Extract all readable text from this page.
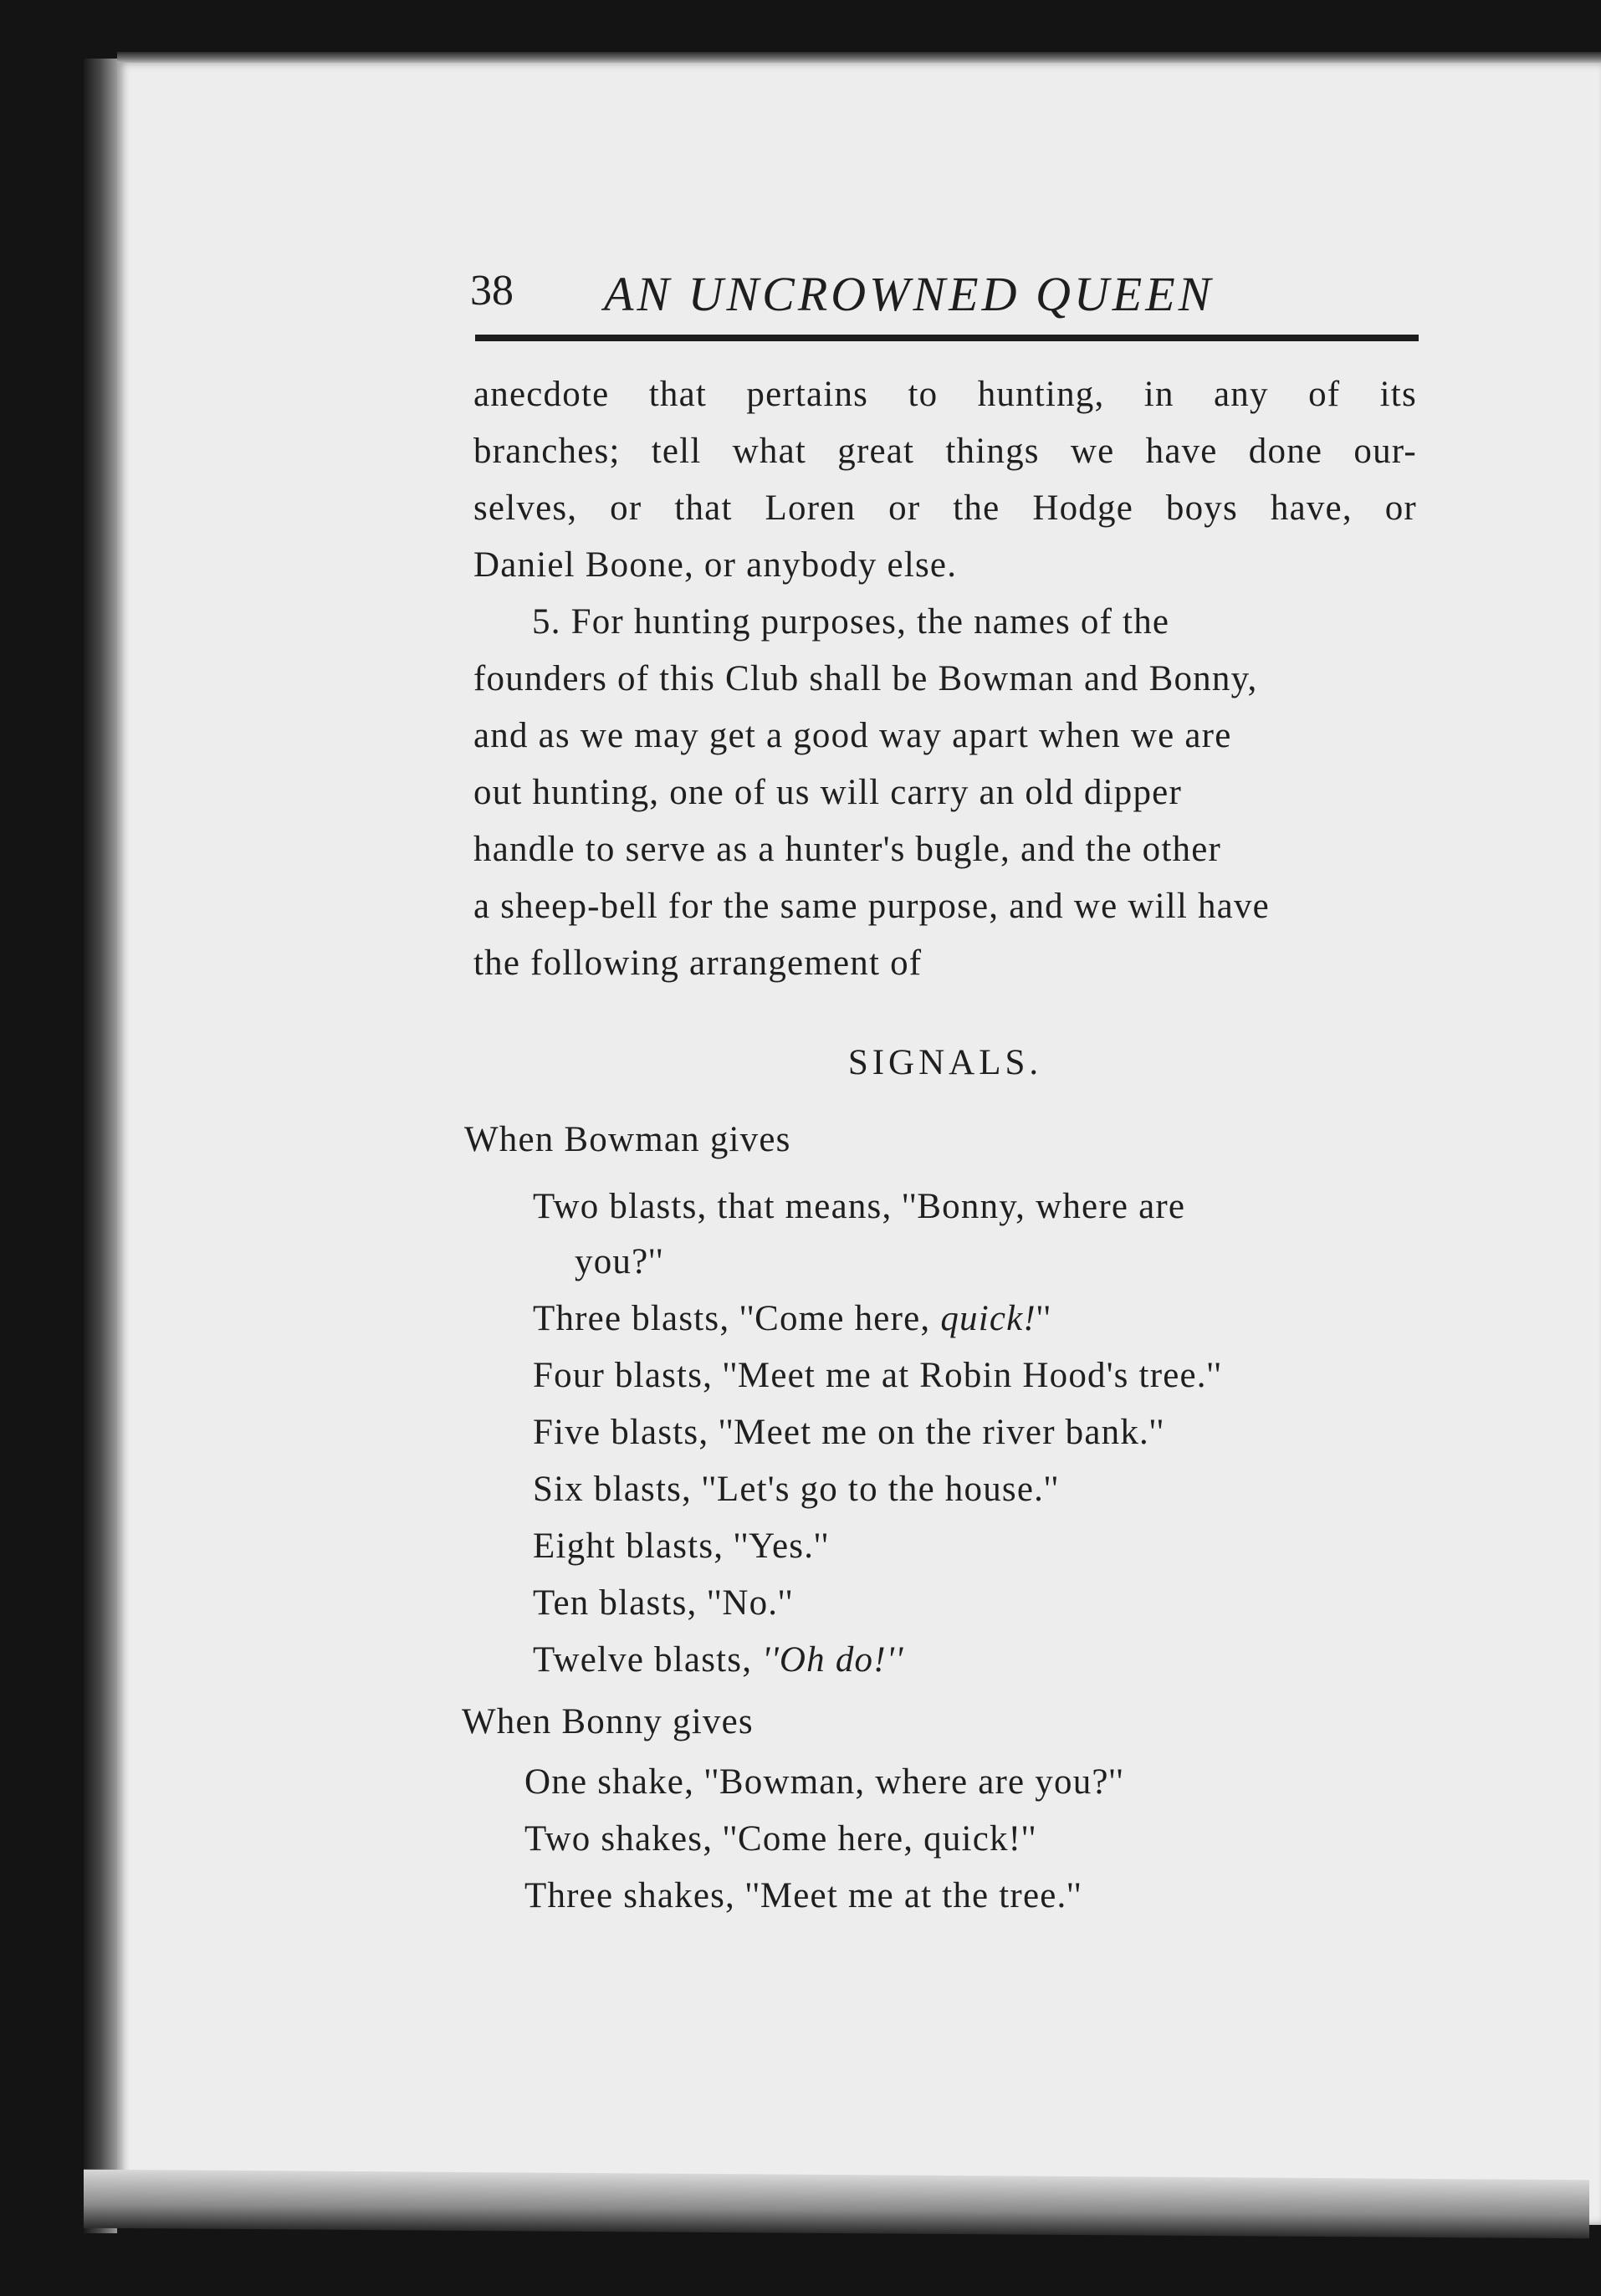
38 AN UNCROWNED QUEEN
anecdote that pertains to hunting, in any of its
branches; tell what great things we have done our-
selves, or that Loren or the Hodge boys have, or
Daniel Boone, or anybody else.
5. For hunting purposes, the names of the
founders of this Club shall be Bowman and Bonny,
and as we may get a good way apart when we are
out hunting, one of us will carry an old dipper
handle to serve as a hunter's bugle, and the other
a sheep-bell for the same purpose, and we will have
the following arrangement of
SIGNALS.
When Bowman gives
Two blasts, that means, ''Bonny, where are
you?''
Three blasts, ''Come here, quick!''
Four blasts, ''Meet me at Robin Hood's tree.''
Five blasts, ''Meet me on the river bank.''
Six blasts, ''Let's go to the house.''
Eight blasts, ''Yes.''
Ten blasts, ''No.''
Twelve blasts, ''Oh do!''
When Bonny gives
One shake, ''Bowman, where are you?''
Two shakes, ''Come here, quick!''
Three shakes, ''Meet me at the tree.''
